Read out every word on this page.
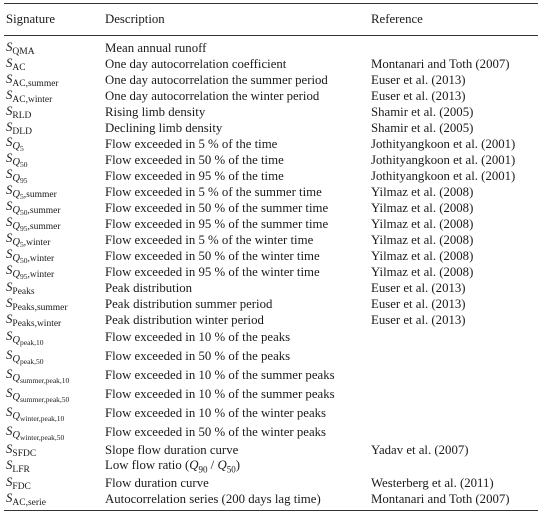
Signature	Description	Reference
$S_{QMA}$	Mean annual runoff
$S_{AC}$	One day autocorrelation coefficient	Montanari and Toth (2007)
$S_{AC,summer}$	One day autocorrelation the summer period	Euser et al. (2013)
$S_{AC,winter}$	One day autocorrelation the winter period	Euser et al. (2013)
$S_{RLD}$	Rising limb density	Shamir et al. (2005)
$S_{DLD}$	Declining limb density	Shamir et al. (2005)
$S_{Q_5}$	Flow exceeded in 5 % of the time	Jothityangkoon et al. (2001)
$S_{Q_{50}}$	Flow exceeded in 50 % of the time	Jothityangkoon et al. (2001)
$S_{Q_{95}}$	Flow exceeded in 95 % of the time	Jothityangkoon et al. (2001)
$S_{Q_5,summer}$	Flow exceeded in 5 % of the summer time	Yilmaz et al. (2008)
$S_{Q_{50},summer}$	Flow exceeded in 50 % of the summer time	Yilmaz et al. (2008)
$S_{Q_{95},summer}$	Flow exceeded in 95 % of the summer time	Yilmaz et al. (2008)
$S_{Q_5,winter}$	Flow exceeded in 5 % of the winter time	Yilmaz et al. (2008)
$S_{Q_{50},winter}$	Flow exceeded in 50 % of the winter time	Yilmaz et al. (2008)
$S_{Q_{95},winter}$	Flow exceeded in 95 % of the winter time	Yilmaz et al. (2008)
$S_{Peaks}$	Peak distribution	Euser et al. (2013)
$S_{Peaks,summer}$	Peak distribution summer period	Euser et al. (2013)
$S_{Peaks,winter}$	Peak distribution winter period	Euser et al. (2013)
$S_{Q_{peak,10}}$	Flow exceeded in 10 % of the peaks
$S_{Q_{peak,50}}$	Flow exceeded in 50 % of the peaks
$S_{Q_{summer,peak,10}}$	Flow exceeded in 10 % of the summer peaks
$S_{Q_{summer,peak,50}}$	Flow exceeded in 10 % of the summer peaks
$S_{Q_{winter,peak,10}}$	Flow exceeded in 10 % of the winter peaks
$S_{Q_{winter,peak,50}}$	Flow exceeded in 50 % of the winter peaks
$S_{SFDC}$	Slope flow duration curve	Yadav et al. (2007)
$S_{LFR}$	Low flow ratio $(Q_{90} / Q_{50})$
$S_{FDC}$	Flow duration curve	Westerberg et al. (2011)
$S_{AC,serie}$	Autocorrelation series (200 days lag time)	Montanari and Toth (2007)
